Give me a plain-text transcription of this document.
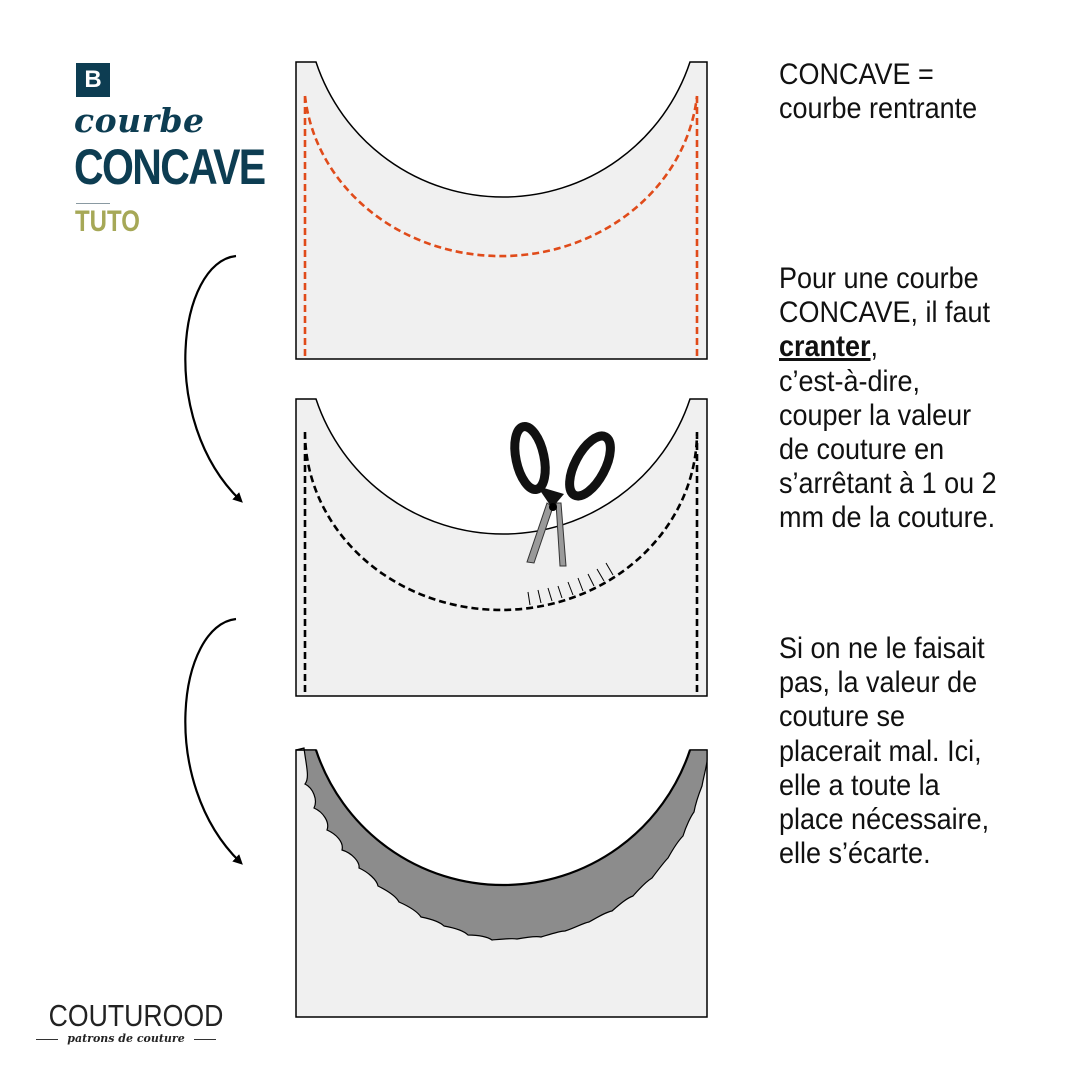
B
courbe
CONCAVE
TUTO
CONCAVE =
courbe rentrante
Pour une courbe
CONCAVE, il faut
cranter,
c’est-à-dire,
couper la valeur
de couture en
s’arrêtant à 1 ou 2
mm de la couture.
Si on ne le faisait
pas, la valeur de
couture se
placerait mal. Ici,
elle a toute la
place nécessaire,
elle s’écarte.
COUTUROOD
patrons de couture
